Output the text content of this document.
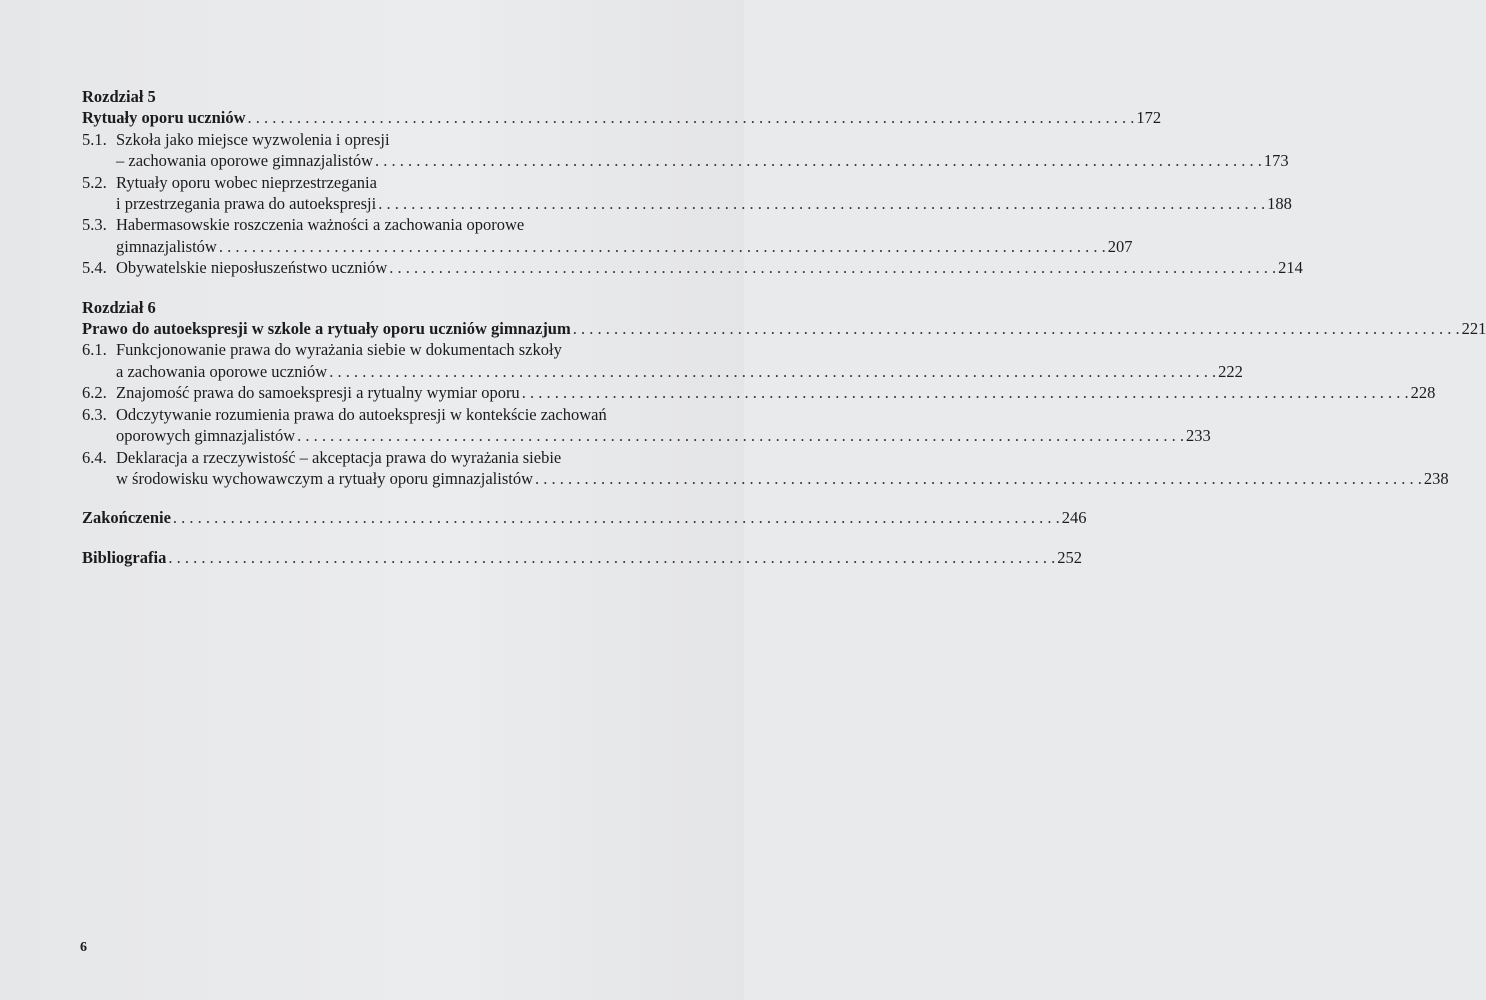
Rozdział 5
Rytuały oporu uczniów . . .	172
5.1. Szkoła jako miejsce wyzwolenia i opresji
– zachowania oporowe gimnazjalistów . . .	173
5.2. Rytuały oporu wobec nieprzestrzegania
i przestrzegania prawa do autoekspresji . . .	188
5.3. Habermasowskie roszczenia ważności a zachowania oporowe
gimnazjalistów . . .	207
5.4. Obywatelskie nieposłuszeństwo uczniów . . .	214
Rozdział 6
Prawo do autoekspresji w szkole a rytuały oporu uczniów gimnazjum . . .	221
6.1. Funkcjonowanie prawa do wyrażania siebie w dokumentach szkoły
a zachowania oporowe uczniów . . .	222
6.2. Znajomość prawa do samoekspresji a rytualny wymiar oporu . . .	228
6.3. Odczytywanie rozumienia prawa do autoekspresji w kontekście zachowań
oporowych gimnazjalistów . . .	233
6.4. Deklaracja a rzeczywistość – akceptacja prawa do wyrażania siebie
w środowisku wychowawczym a rytuały oporu gimnazjalistów . . .	238
Zakończenie . . .	246
Bibliografia . . .	252
6
